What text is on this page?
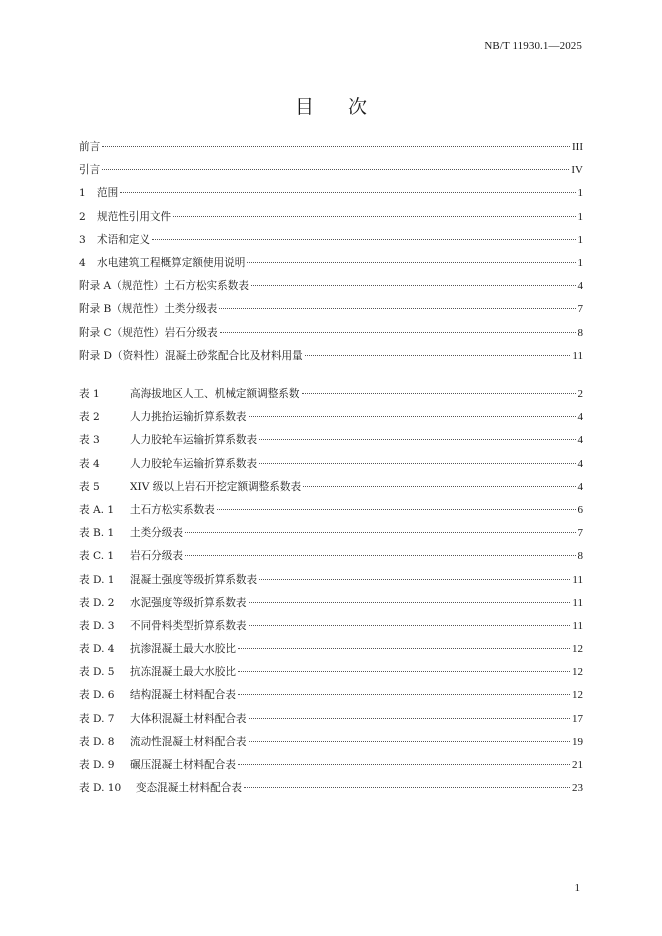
NB/T 11930.1—2025
目 次
前言	III
引言	IV
1	范围	1
2	规范性引用文件	1
3	术语和定义	1
4	水电建筑工程概算定额使用说明	1
附录 A（规范性）土石方松实系数表	4
附录 B（规范性）土类分级表	7
附录 C（规范性）岩石分级表	8
附录 D（资料性）混凝土砂浆配合比及材料用量	11
表 1	高海拔地区人工、机械定额调整系数	2
表 2	人力挑抬运输折算系数表	4
表 3	人力胶轮车运输折算系数表	4
表 4	人力胶轮车运输折算系数表	4
表 5	XIV 级以上岩石开挖定额调整系数表	4
表 A. 1	土石方松实系数表	6
表 B. 1	土类分级表	7
表 C. 1	岩石分级表	8
表 D. 1	混凝土强度等级折算系数表	11
表 D. 2	水泥强度等级折算系数表	11
表 D. 3	不同骨料类型折算系数表	11
表 D. 4	抗渗混凝土最大水胶比	12
表 D. 5	抗冻混凝土最大水胶比	12
表 D. 6	结构混凝土材料配合表	12
表 D. 7	大体积混凝土材料配合表	17
表 D. 8	流动性混凝土材料配合表	19
表 D. 9	碾压混凝土材料配合表	21
表 D. 10	变态混凝土材料配合表	23
1
